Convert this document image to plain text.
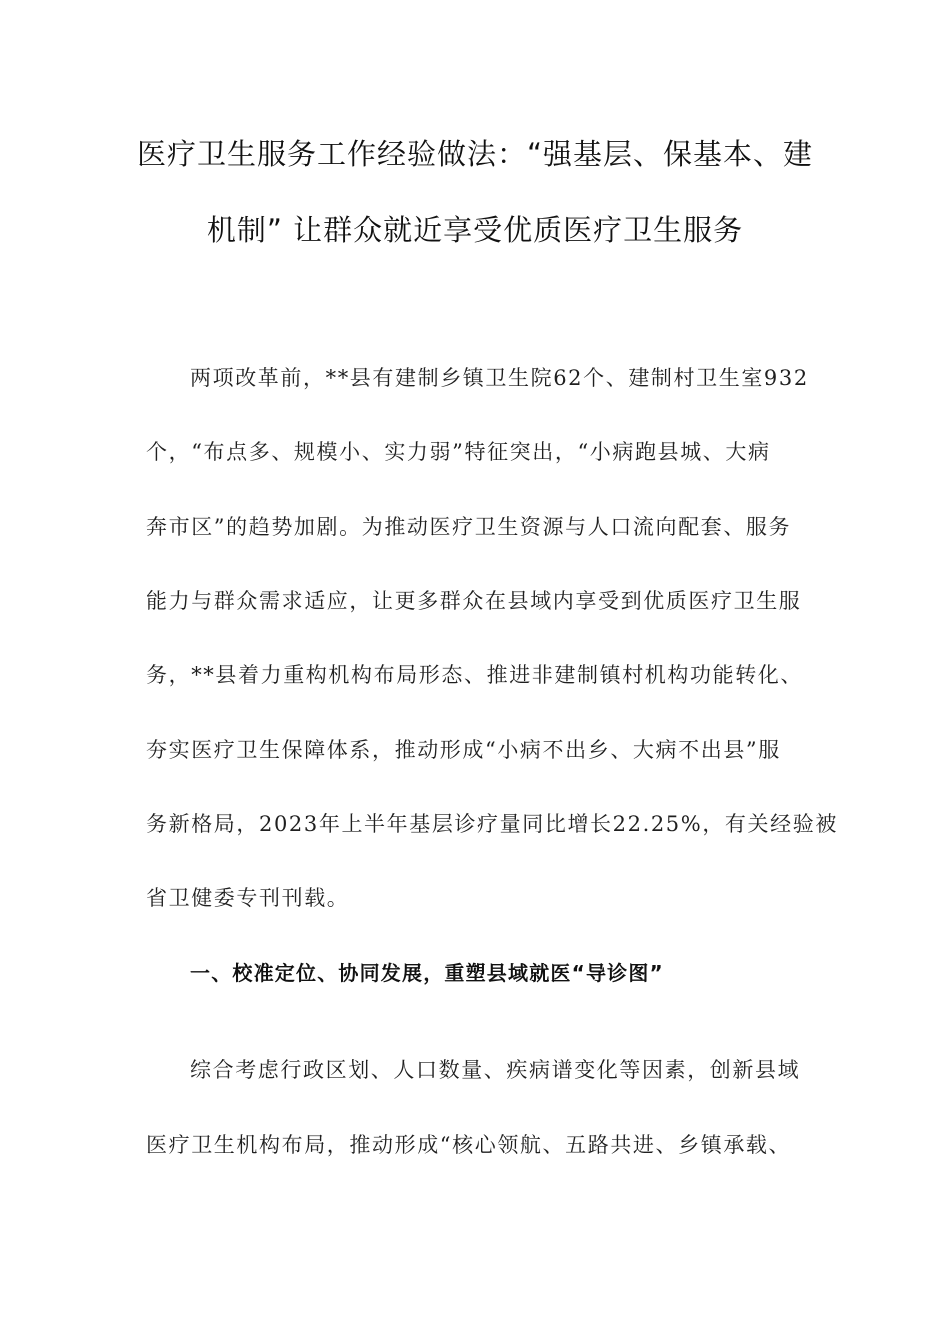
医疗卫生服务工作经验做法：“强基层、保基本、建
机制” 让群众就近享受优质医疗卫生服务
两项改革前，**县有建制乡镇卫生院62个、建制村卫生室932
个，“布点多、规模小、实力弱”特征突出，“小病跑县城、大病
奔市区”的趋势加剧。为推动医疗卫生资源与人口流向配套、服务
能力与群众需求适应，让更多群众在县域内享受到优质医疗卫生服
务，**县着力重构机构布局形态、推进非建制镇村机构功能转化、
夯实医疗卫生保障体系，推动形成“小病不出乡、大病不出县”服
务新格局，2023年上半年基层诊疗量同比增长22.25%，有关经验被
省卫健委专刊刊载。
一、校准定位、协同发展，重塑县域就医“导诊图”
综合考虑行政区划、人口数量、疾病谱变化等因素，创新县域
医疗卫生机构布局，推动形成“核心领航、五路共进、乡镇承载、
